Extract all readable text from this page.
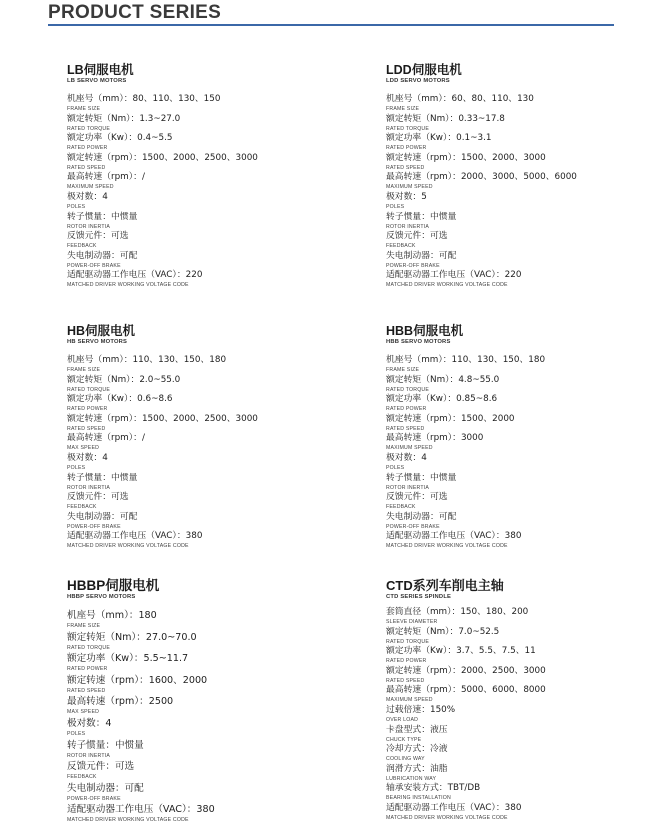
PRODUCT SERIES
LB伺服电机
LB SERVO MOTORS
机座号（mm）：80、110、130、150
FRAME SIZE
额定转矩（Nm）：1.3~27.0
RATED TORQUE
额定功率（Kw）：0.4~5.5
RATED POWER
额定转速（rpm）：1500、2000、2500、3000
RATED SPEED
最高转速（rpm）：/
MAXIMUM SPEED
极对数：4
POLES
转子惯量：中惯量
ROTOR INERTIA
反馈元件：可选
FEEDBACK
失电制动器：可配
POWER-OFF BRAKE
适配驱动器工作电压（VAC）：220
MATCHED DRIVER WORKING VOLTAGE CODE
LDD伺服电机
LDD SERVO MOTORS
机座号（mm）：60、80、110、130
FRAME SIZE
额定转矩（Nm）：0.33~17.8
RATED TORQUE
额定功率（Kw）：0.1~3.1
RATED POWER
额定转速（rpm）：1500、2000、3000
RATED SPEED
最高转速（rpm）：2000、3000、5000、6000
MAXIMUM SPEED
极对数：5
POLES
转子惯量：中惯量
ROTOR INERTIA
反馈元件：可选
FEEDBACK
失电制动器：可配
POWER-OFF BRAKE
适配驱动器工作电压（VAC）：220
MATCHED DRIVER WORKING VOLTAGE CODE
HB伺服电机
HB SERVO MOTORS
机座号（mm）：110、130、150、180
FRAME SIZE
额定转矩（Nm）：2.0~55.0
RATED TORQUE
额定功率（Kw）：0.6~8.6
RATED POWER
额定转速（rpm）：1500、2000、2500、3000
RATED SPEED
最高转速（rpm）：/
MAX SPEED
极对数：4
POLES
转子惯量：中惯量
ROTOR INERTIA
反馈元件：可选
FEEDBACK
失电制动器：可配
POWER-OFF BRAKE
适配驱动器工作电压（VAC）：380
MATCHED DRIVER WORKING VOLTAGE CODE
HBB伺服电机
HBB SERVO MOTORS
机座号（mm）：110、130、150、180
FRAME SIZE
额定转矩（Nm）：4.8~55.0
RATED TORQUE
额定功率（Kw）：0.85~8.6
RATED POWER
额定转速（rpm）：1500、2000
RATED SPEED
最高转速（rpm）：3000
MAXIMUM SPEED
极对数：4
POLES
转子惯量：中惯量
ROTOR INERTIA
反馈元件：可选
FEEDBACK
失电制动器：可配
POWER-OFF BRAKE
适配驱动器工作电压（VAC）：380
MATCHED DRIVER WORKING VOLTAGE CODE
HBBP伺服电机
HBBP SERVO MOTORS
机座号（mm）：180
FRAME SIZE
额定转矩（Nm）：27.0~70.0
RATED TORQUE
额定功率（Kw）：5.5~11.7
RATED POWER
额定转速（rpm）：1600、2000
RATED SPEED
最高转速（rpm）：2500
MAX SPEED
极对数：4
POLES
转子惯量：中惯量
ROTOR INERTIA
反馈元件：可选
FEEDBACK
失电制动器：可配
POWER-OFF BRAKE
适配驱动器工作电压（VAC）：380
MATCHED DRIVER WORKING VOLTAGE CODE
CTD系列车削电主轴
CTD SERIES SPINDLE
套筒直径（mm）：150、180、200
SLEEVE DIAMETER
额定转矩（Nm）：7.0~52.5
RATED TORQUE
额定功率（Kw）：3.7、5.5、7.5、11
RATED POWER
额定转速（rpm）：2000、2500、3000
RATED SPEED
最高转速（rpm）：5000、6000、8000
MAXIMUM SPEED
过载倍速：150%
OVER LOAD
卡盘型式：液压
CHUCK TYPE
冷却方式：冷液
COOLING WAY
润滑方式：油脂
LUBRICATION WAY
轴承安装方式：TBT/DB
BEARING INSTALLATION
适配驱动器工作电压（VAC）：380
MATCHED DRIVER WORKING VOLTAGE CODE
